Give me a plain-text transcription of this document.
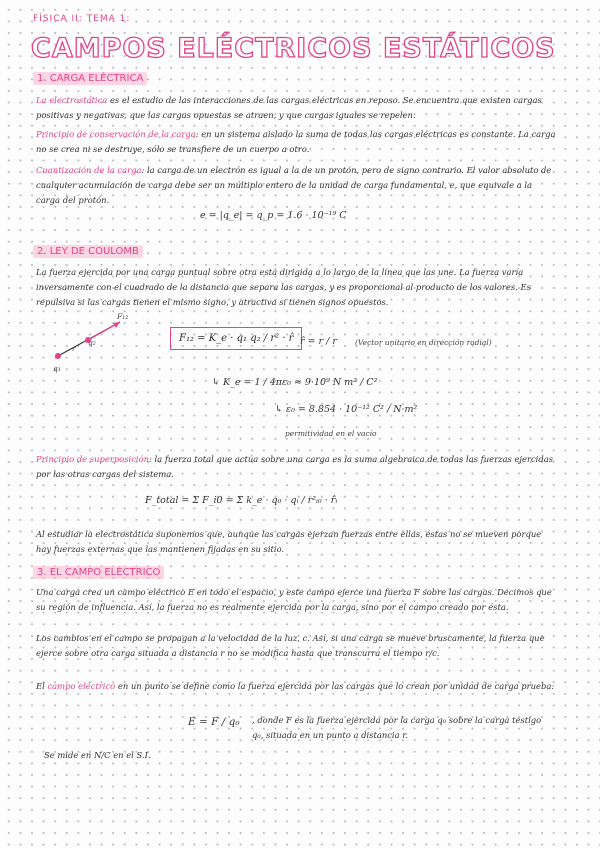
FÍSICA II: TEMA 1:
CAMPOS ELÉCTRICOS ESTÁTICOS
1. CARGA ELÉCTRICA
La electrostática es el estudio de las interacciones de las cargas eléctricas en reposo. Se encuentra que existen cargas positivas y negativas, que las cargas opuestas se atraen, y que cargas iguales se repelen.
Principio de conservación de la carga: en un sistema aislado la suma de todas las cargas eléctricas es constante. La carga no se crea ni se destruye, sólo se transfiere de un cuerpo a otro.
Cuantización de la carga: la carga de un electrón es igual a la de un protón, pero de signo contrario. El valor absoluto de cualquier acumulación de carga debe ser un múltiplo entero de la unidad de carga fundamental, e, que equivale a la carga del protón.
e = |q_e| = q_p = 1.6 · 10⁻¹⁹ C
2. LEY DE COULOMB
La fuerza ejercida por una carga puntual sobre otra está dirigida a lo largo de la línea que las une. La fuerza varía inversamente con el cuadrado de la distancia que separa las cargas, y es proporcional al producto de los valores. Es repulsiva si las cargas tienen el mismo signo, y atractiva si tienen signos opuestos.
F₁₂
q₁
q₂
r
F₁₂ = K_e · q₁ q₂ / r² · r̂ r̂ = r / r (Vector unitario en dirección radial)
↳ K_e = 1 / 4πε₀ ≈ 9·10⁹ N m² / C²
↳ ε₀ = 8.854 · 10⁻¹² C² / N·m²
permitividad en el vacío
Principio de superposición: la fuerza total que actúa sobre una carga es la suma algebraica de todas las fuerzas ejercidas por las otras cargas del sistema.
F_total = Σ F_i0 = Σ k_e · q₀ · qᵢ / r²ᵢ₀ · r̂ᵢ
Al estudiar la electrostática suponemos que, aunque las cargas ejerzan fuerzas entre ellas, éstas no se mueven porque hay fuerzas externas que las mantienen fijadas en su sitio.
3. EL CAMPO ELÉCTRICO
Una carga crea un campo eléctrico E en todo el espacio, y este campo ejerce una fuerza F sobre las cargas. Decimos que su región de influencia. Así, la fuerza no es realmente ejercida por la carga, sino por el campo creado por ésta.
Los cambios en el campo se propagan a la velocidad de la luz, c. Así, si una carga se mueve bruscamente, la fuerza que ejerce sobre otra carga situada a distancia r no se modifica hasta que transcurra el tiempo r/c.
El campo eléctrico en un punto se define como la fuerza ejercida por las cargas que lo crean por unidad de carga prueba:
E = F / q₀ , donde F es la fuerza ejercida por la carga q₀ sobre la carga testigo q₀, situada en un punto a distancia r.
Se mide en N/C en el S.I.
